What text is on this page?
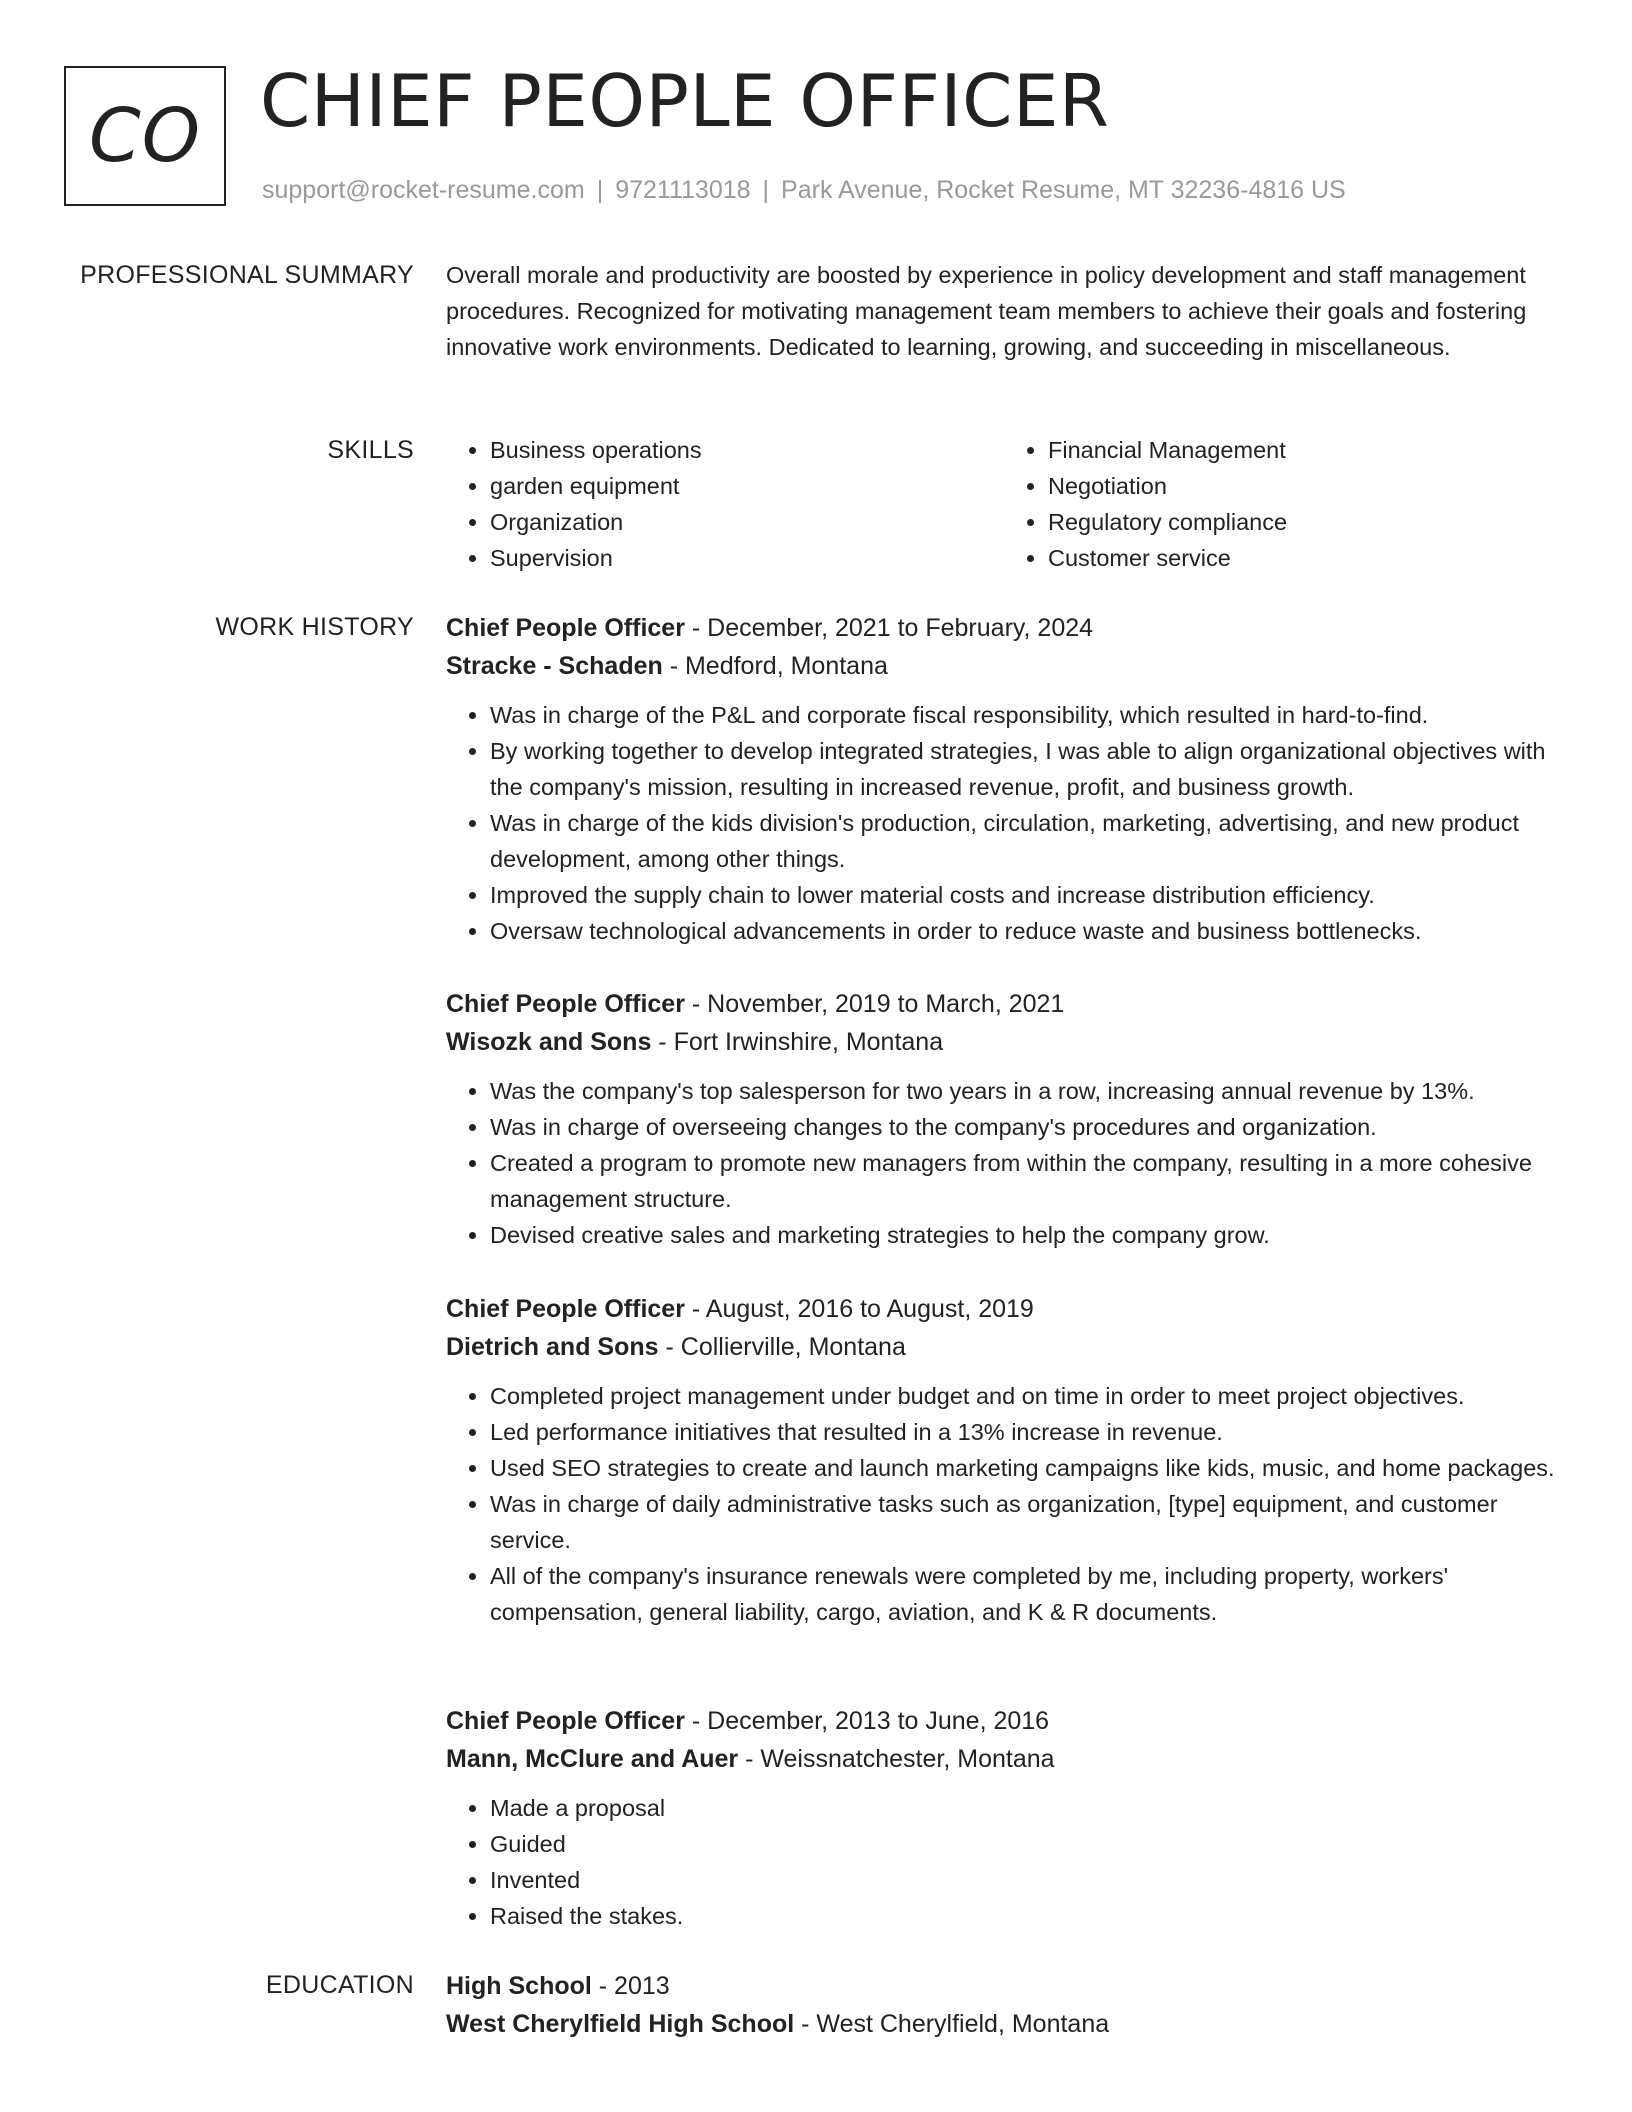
CO CHIEF PEOPLE OFFICER
support@rocket-resume.com | 9721113018 | Park Avenue, Rocket Resume, MT 32236-4816 US
PROFESSIONAL SUMMARY Overall morale and productivity are boosted by experience in policy development and staff management procedures. Recognized for motivating management team members to achieve their goals and fostering innovative work environments. Dedicated to learning, growing, and succeeding in miscellaneous.
SKILLS
•	Business operations
• garden equipment
• Organization
• Supervision
• Financial Management
• Negotiation
• Regulatory compliance
• Customer service
WORK HISTORY Chief People Officer - December, 2021 to February, 2024
Stracke - Schaden - Medford, Montana
• Was in charge of the P&L and corporate fiscal responsibility, which resulted in hard-to-find.
• By working together to develop integrated strategies, I was able to align organizational objectives with the company's mission, resulting in increased revenue, profit, and business growth.
• Was in charge of the kids division's production, circulation, marketing, advertising, and new product development, among other things.
• Improved the supply chain to lower material costs and increase distribution efficiency.
• Oversaw technological advancements in order to reduce waste and business bottlenecks.
Chief People Officer - November, 2019 to March, 2021
Wisozk and Sons - Fort Irwinshire, Montana
• Was the company's top salesperson for two years in a row, increasing annual revenue by 13%.
• Was in charge of overseeing changes to the company's procedures and organization.
• Created a program to promote new managers from within the company, resulting in a more cohesive management structure.
• Devised creative sales and marketing strategies to help the company grow.
Chief People Officer - August, 2016 to August, 2019
Dietrich and Sons - Collierville, Montana
• Completed project management under budget and on time in order to meet project objectives.
• Led performance initiatives that resulted in a 13% increase in revenue.
• Used SEO strategies to create and launch marketing campaigns like kids, music, and home packages.
• Was in charge of daily administrative tasks such as organization, [type] equipment, and customer service.
• All of the company's insurance renewals were completed by me, including property, workers' compensation, general liability, cargo, aviation, and K & R documents.
Chief People Officer - December, 2013 to June, 2016
Mann, McClure and Auer - Weissnatchester, Montana
• Made a proposal
• Guided
• Invented
• Raised the stakes.
EDUCATION High School - 2013
West Cherylfield High School - West Cherylfield, Montana
